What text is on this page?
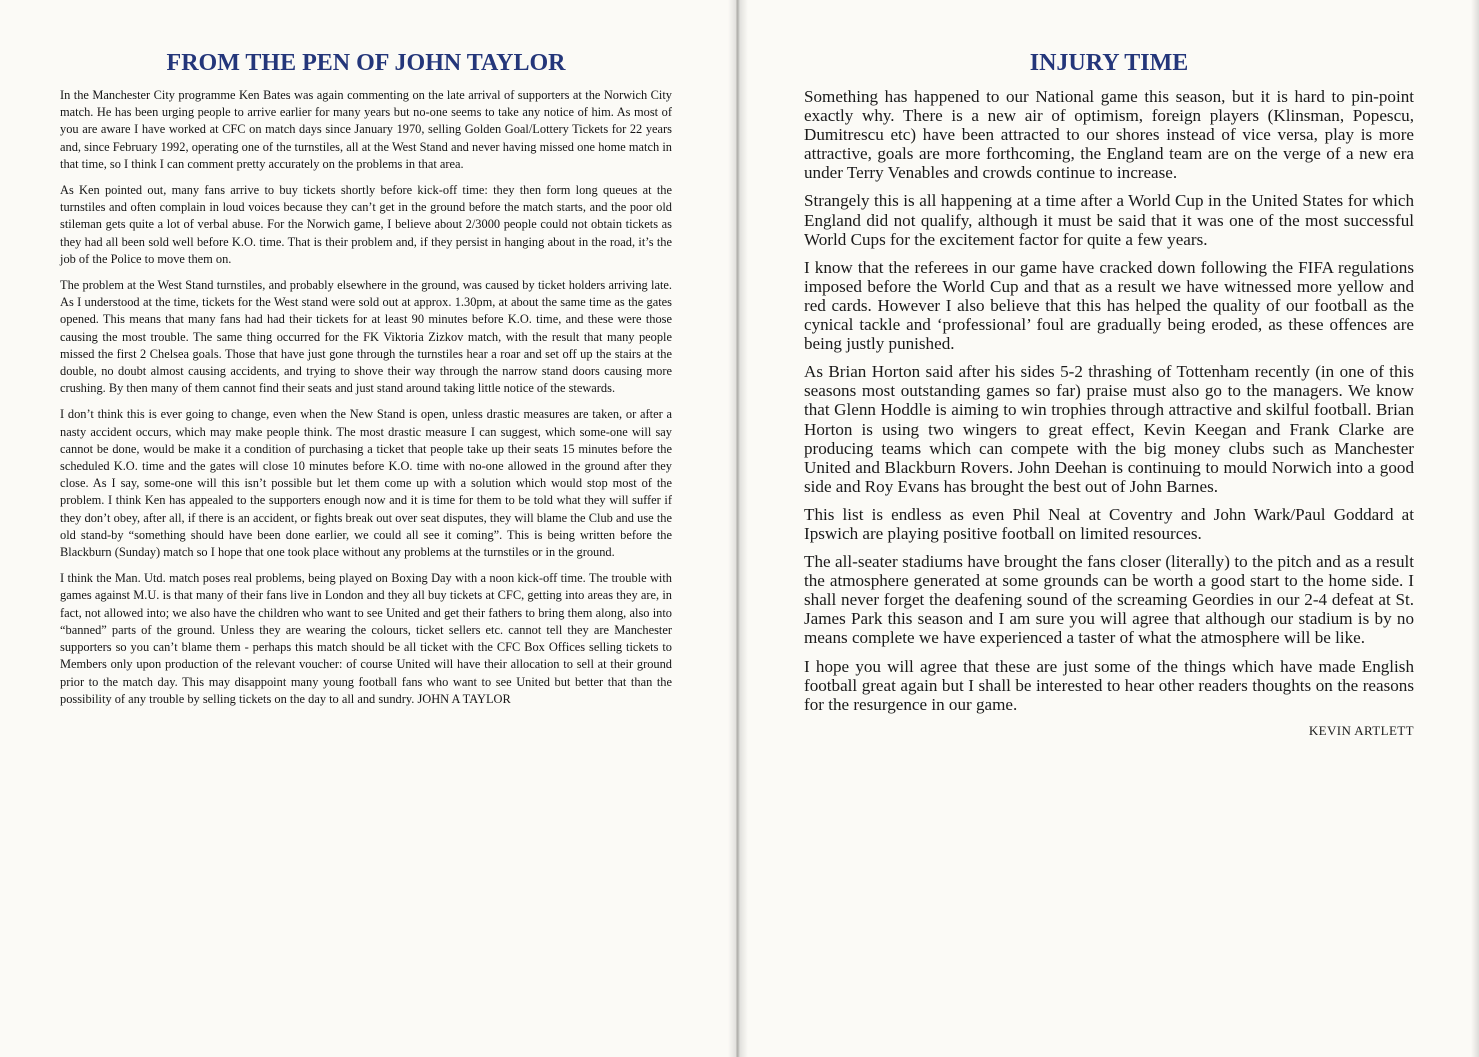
FROM THE PEN OF JOHN TAYLOR

In the Manchester City programme Ken Bates was again commenting on the late arrival of supporters at the Norwich City match. He has been urging people to arrive earlier for many years but no-one seems to take any notice of him. As most of you are aware I have worked at CFC on match days since January 1970, selling Golden Goal/Lottery Tickets for 22 years and, since February 1992, operating one of the turnstiles, all at the West Stand and never having missed one home match in that time, so I think I can comment pretty accurately on the problems in that area.

As Ken pointed out, many fans arrive to buy tickets shortly before kick-off time: they then form long queues at the turnstiles and often complain in loud voices because they can’t get in the ground before the match starts, and the poor old stileman gets quite a lot of verbal abuse. For the Norwich game, I believe about 2/3000 people could not obtain tickets as they had all been sold well before K.O. time. That is their problem and, if they persist in hanging about in the road, it’s the job of the Police to move them on.

The problem at the West Stand turnstiles, and probably elsewhere in the ground, was caused by ticket holders arriving late. As I understood at the time, tickets for the West stand were sold out at approx. 1.30pm, at about the same time as the gates opened. This means that many fans had had their tickets for at least 90 minutes before K.O. time, and these were those causing the most trouble. The same thing occurred for the FK Viktoria Zizkov match, with the result that many people missed the first 2 Chelsea goals. Those that have just gone through the turnstiles hear a roar and set off up the stairs at the double, no doubt almost causing accidents, and trying to shove their way through the narrow stand doors causing more crushing. By then many of them cannot find their seats and just stand around taking little notice of the stewards.

I don’t think this is ever going to change, even when the New Stand is open, unless drastic measures are taken, or after a nasty accident occurs, which may make people think. The most drastic measure I can suggest, which some-one will say cannot be done, would be make it a condition of purchasing a ticket that people take up their seats 15 minutes before the scheduled K.O. time and the gates will close 10 minutes before K.O. time with no-one allowed in the ground after they close. As I say, some-one will this isn’t possible but let them come up with a solution which would stop most of the problem. I think Ken has appealed to the supporters enough now and it is time for them to be told what they will suffer if they don’t obey, after all, if there is an accident, or fights break out over seat disputes, they will blame the Club and use the old stand-by “something should have been done earlier, we could all see it coming”. This is being written before the Blackburn (Sunday) match so I hope that one took place without any problems at the turnstiles or in the ground.

I think the Man. Utd. match poses real problems, being played on Boxing Day with a noon kick-off time. The trouble with games against M.U. is that many of their fans live in London and they all buy tickets at CFC, getting into areas they are, in fact, not allowed into; we also have the children who want to see United and get their fathers to bring them along, also into “banned” parts of the ground. Unless they are wearing the colours, ticket sellers etc. cannot tell they are Manchester supporters so you can’t blame them - perhaps this match should be all ticket with the CFC Box Offices selling tickets to Members only upon production of the relevant voucher: of course United will have their allocation to sell at their ground prior to the match day. This may disappoint many young football fans who want to see United but better that than the possibility of any trouble by selling tickets on the day to all and sundry. JOHN A TAYLOR

INJURY TIME

Something has happened to our National game this season, but it is hard to pin-point exactly why. There is a new air of optimism, foreign players (Klinsman, Popescu, Dumitrescu etc) have been attracted to our shores instead of vice versa, play is more attractive, goals are more forthcoming, the England team are on the verge of a new era under Terry Venables and crowds continue to increase.

Strangely this is all happening at a time after a World Cup in the United States for which England did not qualify, although it must be said that it was one of the most successful World Cups for the excitement factor for quite a few years.

I know that the referees in our game have cracked down following the FIFA regulations imposed before the World Cup and that as a result we have witnessed more yellow and red cards. However I also believe that this has helped the quality of our football as the cynical tackle and ‘professional’ foul are gradually being eroded, as these offences are being justly punished.

As Brian Horton said after his sides 5-2 thrashing of Tottenham recently (in one of this seasons most outstanding games so far) praise must also go to the managers. We know that Glenn Hoddle is aiming to win trophies through attractive and skilful football. Brian Horton is using two wingers to great effect, Kevin Keegan and Frank Clarke are producing teams which can compete with the big money clubs such as Manchester United and Blackburn Rovers. John Deehan is continuing to mould Norwich into a good side and Roy Evans has brought the best out of John Barnes.

This list is endless as even Phil Neal at Coventry and John Wark/Paul Goddard at Ipswich are playing positive football on limited resources.

The all-seater stadiums have brought the fans closer (literally) to the pitch and as a result the atmosphere generated at some grounds can be worth a good start to the home side. I shall never forget the deafening sound of the screaming Geordies in our 2-4 defeat at St. James Park this season and I am sure you will agree that although our stadium is by no means complete we have experienced a taster of what the atmosphere will be like.

I hope you will agree that these are just some of the things which have made English football great again but I shall be interested to hear other readers thoughts on the reasons for the resurgence in our game.

KEVIN ARTLETT
